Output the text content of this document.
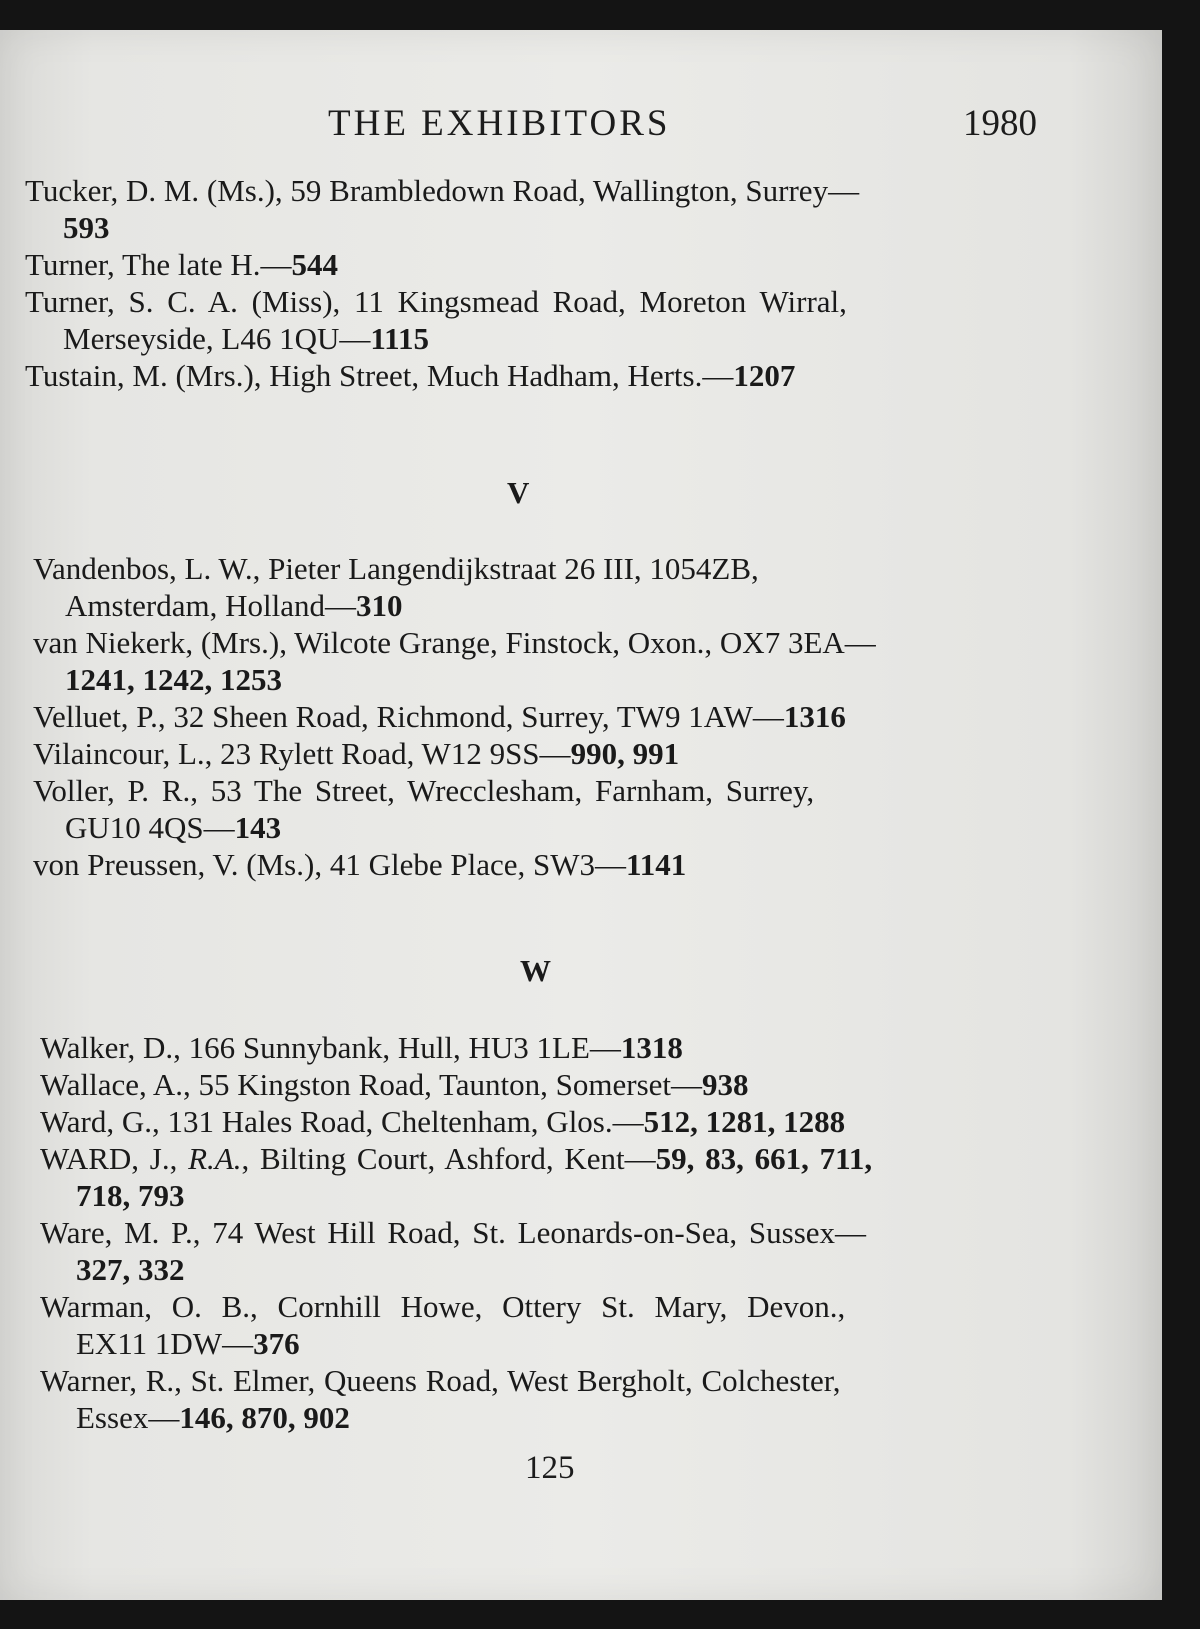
THE EXHIBITORS	1980
Tucker, D. M. (Ms.), 59 Brambledown Road, Wallington, Surrey—
593
Turner, The late H.—544
Turner, S. C. A. (Miss), 11 Kingsmead Road, Moreton Wirral,
Merseyside, L46 1QU—1115
Tustain, M. (Mrs.), High Street, Much Hadham, Herts.—1207
V
Vandenbos, L. W., Pieter Langendijkstraat 26 III, 1054ZB,
Amsterdam, Holland—310
van Niekerk, (Mrs.), Wilcote Grange, Finstock, Oxon., OX7 3EA—
1241, 1242, 1253
Velluet, P., 32 Sheen Road, Richmond, Surrey, TW9 1AW—1316
Vilaincour, L., 23 Rylett Road, W12 9SS—990, 991
Voller, P. R., 53 The Street, Wrecclesham, Farnham, Surrey,
GU10 4QS—143
von Preussen, V. (Ms.), 41 Glebe Place, SW3—1141
W
Walker, D., 166 Sunnybank, Hull, HU3 1LE—1318
Wallace, A., 55 Kingston Road, Taunton, Somerset—938
Ward, G., 131 Hales Road, Cheltenham, Glos.—512, 1281, 1288
WARD, J., R.A., Bilting Court, Ashford, Kent—59, 83, 661, 711,
718, 793
Ware, M. P., 74 West Hill Road, St. Leonards-on-Sea, Sussex—
327, 332
Warman, O. B., Cornhill Howe, Ottery St. Mary, Devon.,
EX11 1DW—376
Warner, R., St. Elmer, Queens Road, West Bergholt, Colchester,
Essex—146, 870, 902
125
